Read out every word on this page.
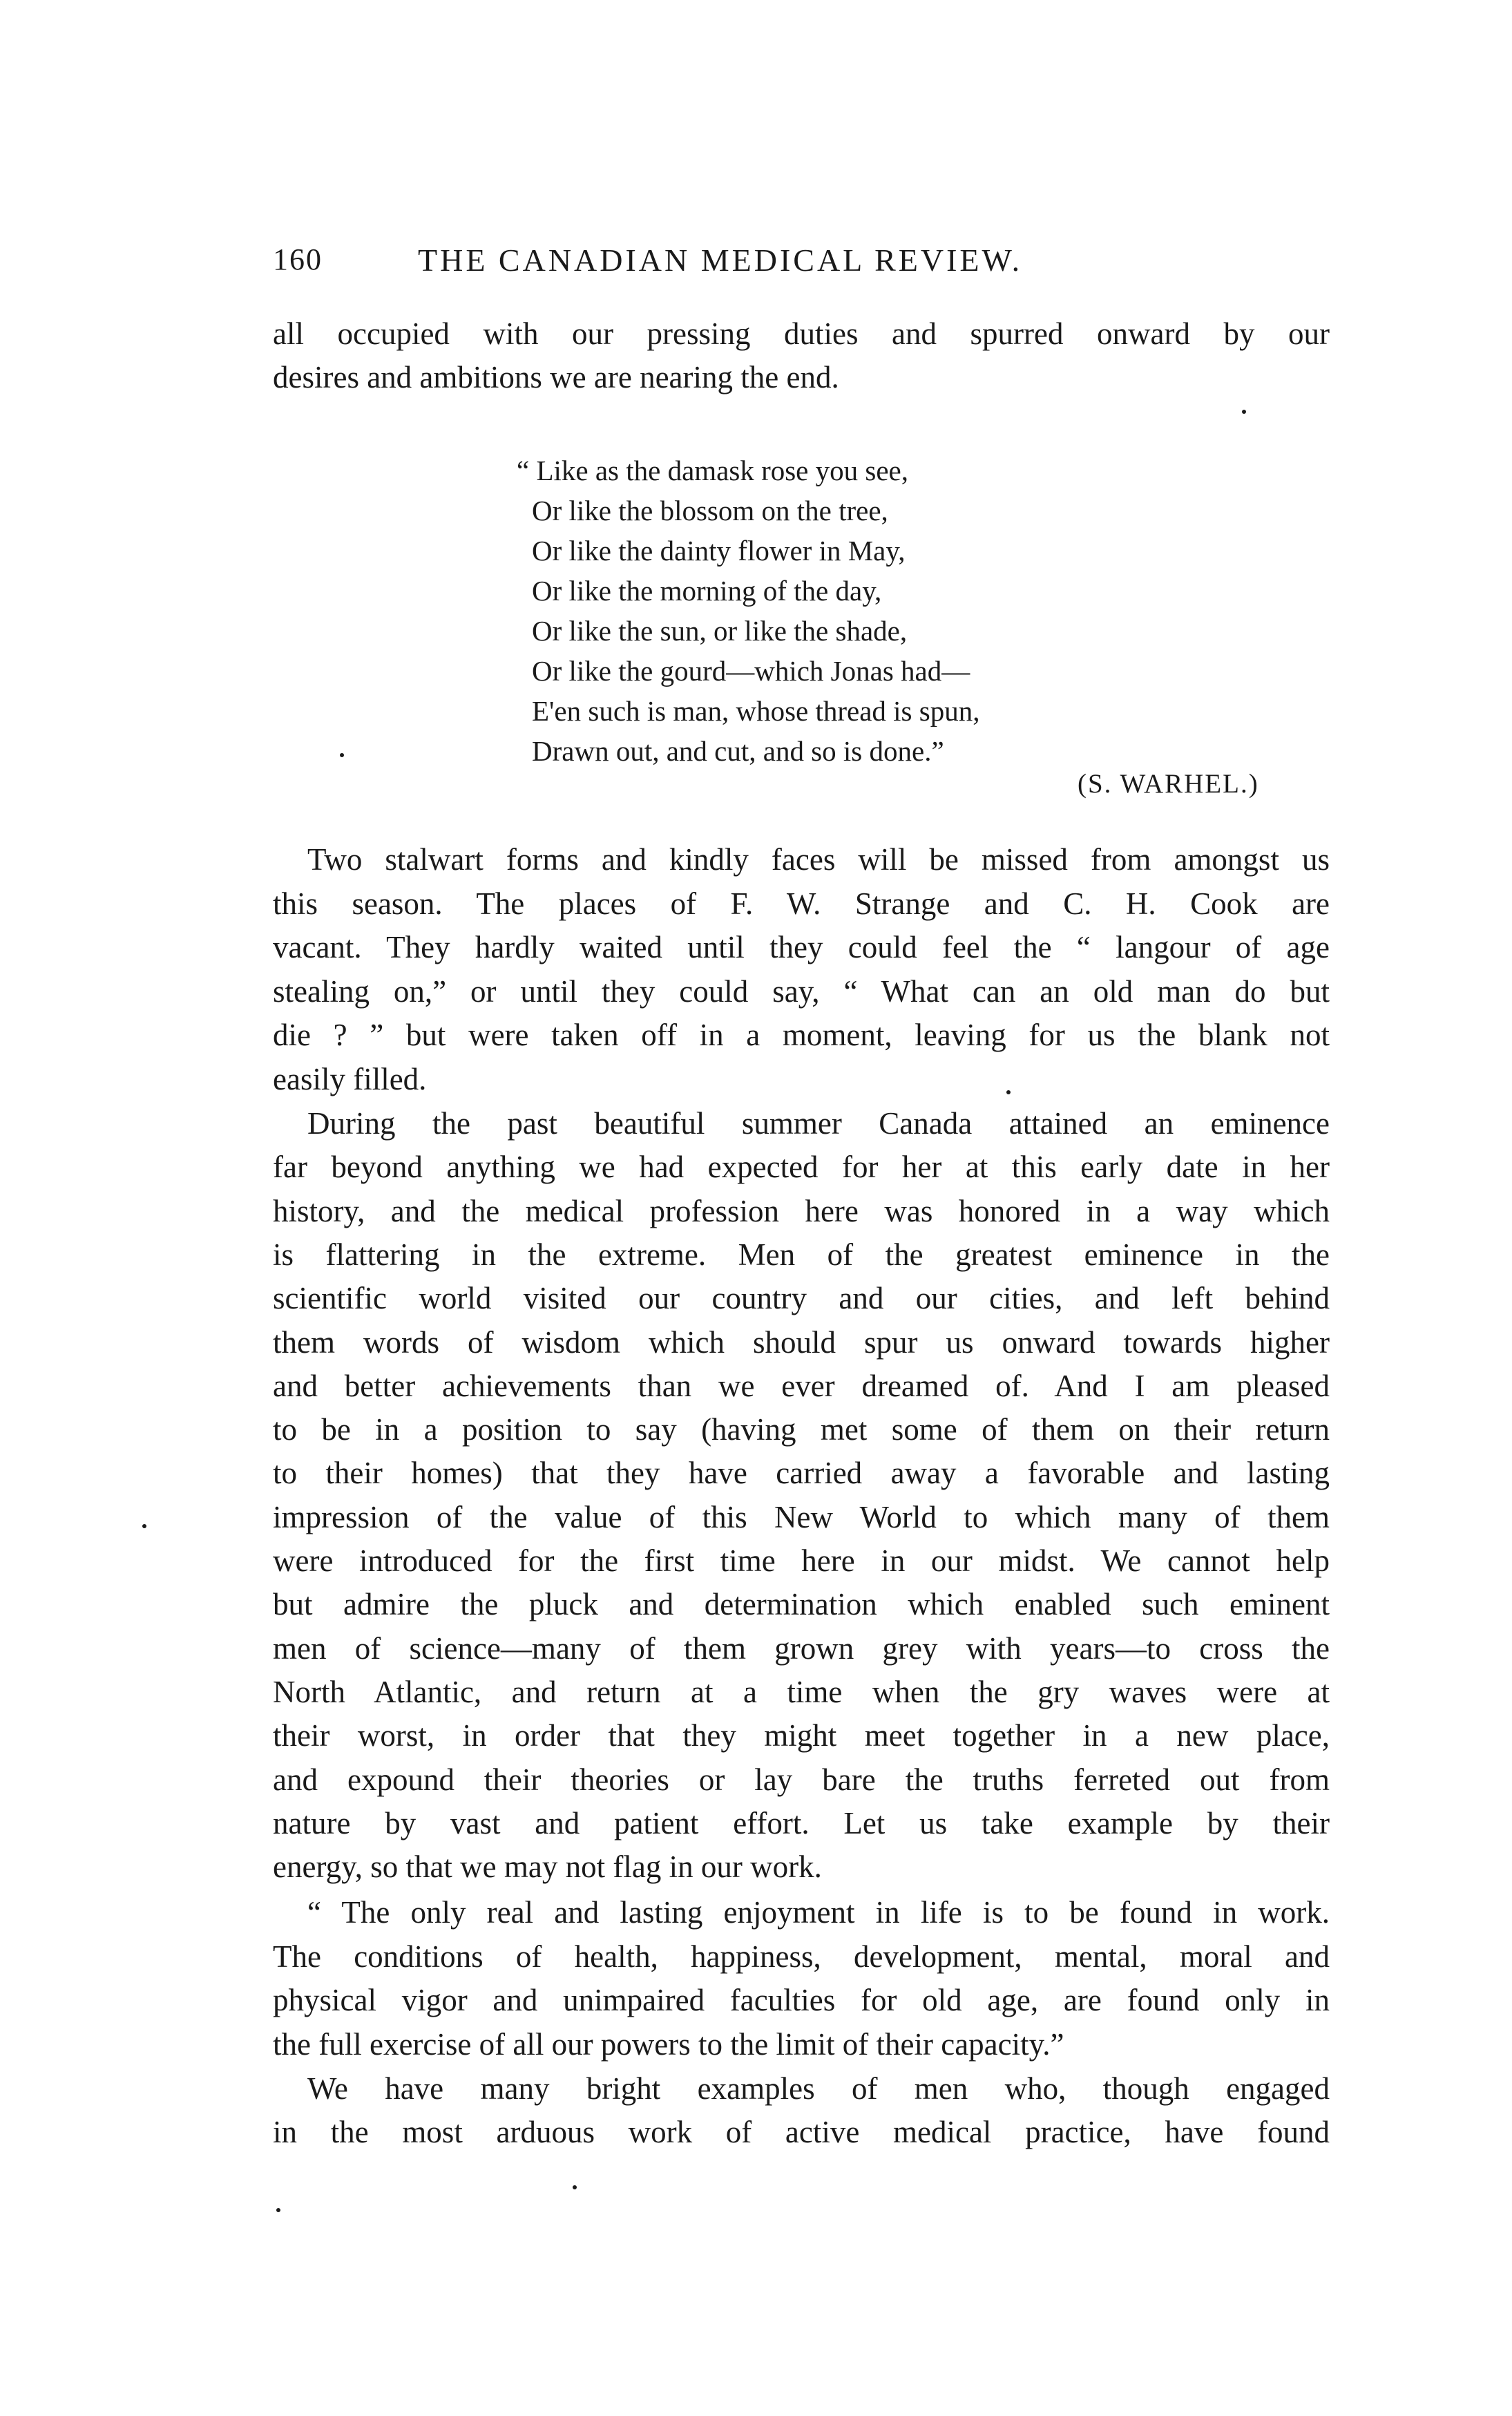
160	THE CANADIAN MEDICAL REVIEW.
all occupied with our pressing duties and spurred onward by our
desires and ambitions we are nearing the end.
“ Like as the damask rose you see,
Or like the blossom on the tree,
Or like the dainty flower in May,
Or like the morning of the day,
Or like the sun, or like the shade,
Or like the gourd—which Jonas had—
E'en such is man, whose thread is spun,
Drawn out, and cut, and so is done.”
Two stalwart forms and kindly faces will be missed from amongst us
this season. The places of F. W. Strange and C. H. Cook are
vacant. They hardly waited until they could feel the “ langour of age
stealing on,” or until they could say, “ What can an old man do but
die ? ” but were taken off in a moment, leaving for us the blank not
easily filled.
During the past beautiful summer Canada attained an eminence
far beyond anything we had expected for her at this early date in her
history, and the medical profession here was honored in a way which
is flattering in the extreme. Men of the greatest eminence in the
scientific world visited our country and our cities, and left behind
them words of wisdom which should spur us onward towards higher
and better achievements than we ever dreamed of. And I am pleased
to be in a position to say (having met some of them on their return
to their homes) that they have carried away a favorable and lasting
impression of the value of this New World to which many of them
were introduced for the first time here in our midst. We cannot help
but admire the pluck and determination which enabled such eminent
men of science—many of them grown grey with years—to cross the
North Atlantic, and return at a time when the gry waves were at
their worst, in order that they might meet together in a new place,
and expound their theories or lay bare the truths ferreted out from
nature by vast and patient effort. Let us take example by their
energy, so that we may not flag in our work.
“ The only real and lasting enjoyment in life is to be found in work.
The conditions of health, happiness, development, mental, moral and
physical vigor and unimpaired faculties for old age, are found only in
the full exercise of all our powers to the limit of their capacity.”
We have many bright examples of men who, though engaged
in the most arduous work of active medical practice, have found
(S. WARHEL.)
